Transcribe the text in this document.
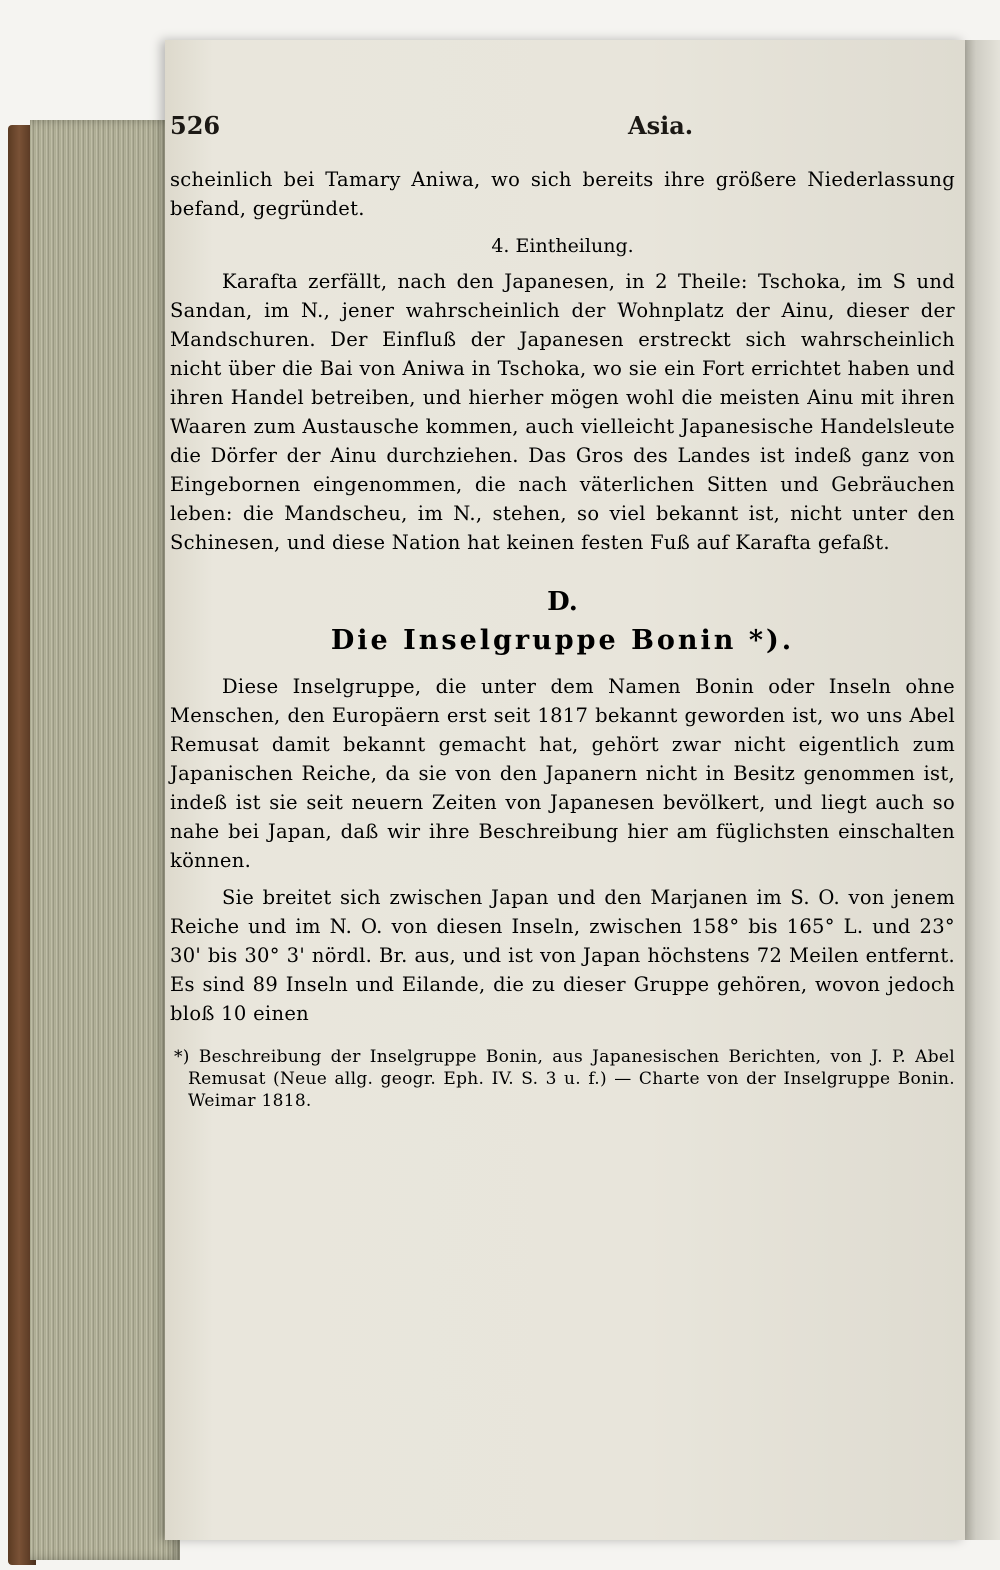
526	Asia.

scheinlich bei Tamary Aniwa, wo sich bereits ihre größere Niederlassung befand, gegründet.

4. Eintheilung.

Karafta zerfällt, nach den Japanesen, in 2 Theile: Tschoka, im S und Sandan, im N., jener wahrscheinlich der Wohnplatz der Ainu, dieser der Mandschuren. Der Einfluß der Japanesen erstreckt sich wahrscheinlich nicht über die Bai von Aniwa in Tschoka, wo sie ein Fort errichtet haben und ihren Handel betreiben, und hierher mögen wohl die meisten Ainu mit ihren Waaren zum Austausche kommen, auch vielleicht Japanesische Handelsleute die Dörfer der Ainu durchziehen. Das Gros des Landes ist indeß ganz von Eingebornen eingenommen, die nach väterlichen Sitten und Gebräuchen leben: die Mandscheu, im N., stehen, so viel bekannt ist, nicht unter den Schinesen, und diese Nation hat keinen festen Fuß auf Karafta gefaßt.

D.
Die Inselgruppe Bonin *).

Diese Inselgruppe, die unter dem Namen Bonin oder Inseln ohne Menschen, den Europäern erst seit 1817 bekannt geworden ist, wo uns Abel Remusat damit bekannt gemacht hat, gehört zwar nicht eigentlich zum Japanischen Reiche, da sie von den Japanern nicht in Besitz genommen ist, indeß ist sie seit neuern Zeiten von Japanesen bevölkert, und liegt auch so nahe bei Japan, daß wir ihre Beschreibung hier am füglichsten einschalten können.

Sie breitet sich zwischen Japan und den Marjanen im S. O. von jenem Reiche und im N. O. von diesen Inseln, zwischen 158° bis 165° L. und 23° 30' bis 30° 3' nördl. Br. aus, und ist von Japan höchstens 72 Meilen entfernt. Es sind 89 Inseln und Eilande, die zu dieser Gruppe gehören, wovon jedoch bloß 10 einen

*) Beschreibung der Inselgruppe Bonin, aus Japanesischen Berichten, von J. P. Abel Remusat (Neue allg. geogr. Eph. IV. S. 3 u. f.) — Charte von der Inselgruppe Bonin. Weimar 1818.
